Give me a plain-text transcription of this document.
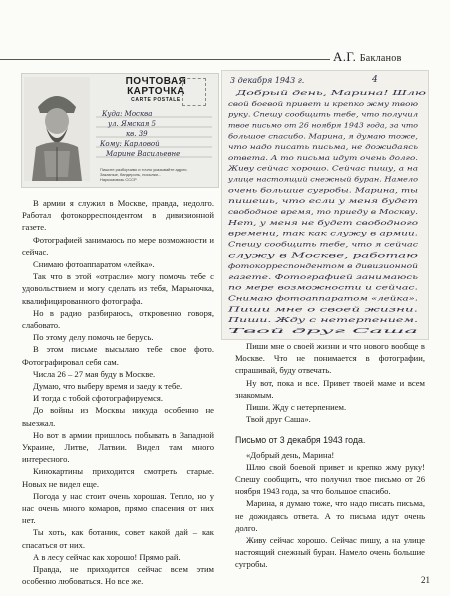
А.Г. Бакланов
ПОЧТОВАЯ
КАРТОЧКА
CARTE POSTALE
Куда: Москва
ул. Ямская 5
кв. 39
Кому: Карловой
Марине Васильевне
Пишите разборчиво и точно указывайте адрес.
Заказные, бандероль, посылки...
Наркомсвязь СССР
3 декабря 1943 г.	4
Добрый день, Марина! Шлю
свой боевой привет и крепко жму твою
руку. Спешу сообщить тебе, что получил
твое письмо от 26 ноября 1943 года, за что
большое спасибо. Марина, я думаю тоже,
что надо писать письма, не дожидаясь
ответа. А то письма идут очень долго.
Живу сейчас хорошо. Сейчас пишу, а на
улице настоящий снежный буран. Намело
очень большие сугробы. Марина, ты
пишешь, что если у меня будет
свободное время, то приеду в Москву.
Нет, у меня не будет свободного
времени, так как служу в армии.
Спешу сообщить тебе, что я сейчас
служу в Москве, работаю
фотокорреспондентом в дивизионной
газете. Фотографией занимаюсь
по мере возможности и сейчас.
Снимаю фотоаппаратом «лейка».
Пиши мне о своей жизни.
Пиши. Жду с нетерпением.
Твой друг Саша

В армии я служил в Москве, правда, недолго. Работал фотокорреспондентом в дивизионной газете.

Фотографией занимаюсь по мере возможности и сейчас.

Снимаю фотоаппаратом «лейка».

Так что в этой «отрасли» могу помочь тебе с удовольствием и могу сделать из тебя, Марьночка, квалифицированного фотографа.

Но в радио разбираюсь, откровенно говоря, слабовато.

По этому делу помочь не берусь.

В этом письме высылаю тебе свое фото. Фотографировал себя сам.

Числа 26 – 27 мая буду в Москве.

Думаю, что выберу время и заеду к тебе.

И тогда с тобой сфотографируемся.

До войны из Москвы никуда особенно не выезжал.

Но вот в армии пришлось побывать в Западной Украине, Литве, Латвии. Видел там много интересного.

Кинокартины приходится смотреть старые. Новых не видел еще.

Погода у нас стоит очень хорошая. Тепло, но у нас очень много комаров, прямо спасения от них нет.

Ты хоть, как ботаник, совет какой дай – как спасаться от них.

А в лесу сейчас как хорошо! Прямо рай.

Правда, не приходится сейчас всем этим особенно любоваться. Но все же.

Пиши мне о своей жизни и что нового вообще в Москве. Что не понимается в фотографии, спрашивай, буду отвечать.

Ну вот, пока и все. Привет твоей маме и всем знакомым.

Пиши. Жду с нетерпением.

Твой друг Саша».

Письмо от 3 декабря 1943 года.

«Добрый день, Марина!

Шлю свой боевой привет и крепко жму руку! Спешу сообщить, что получил твое письмо от 26 ноября 1943 года, за что большое спасибо.

Марина, я думаю тоже, что надо писать письма, не дожидаясь ответа. А то письма идут очень долго.

Живу сейчас хорошо. Сейчас пишу, а на улице настоящий снежный буран. Намело очень большие сугробы.

21
